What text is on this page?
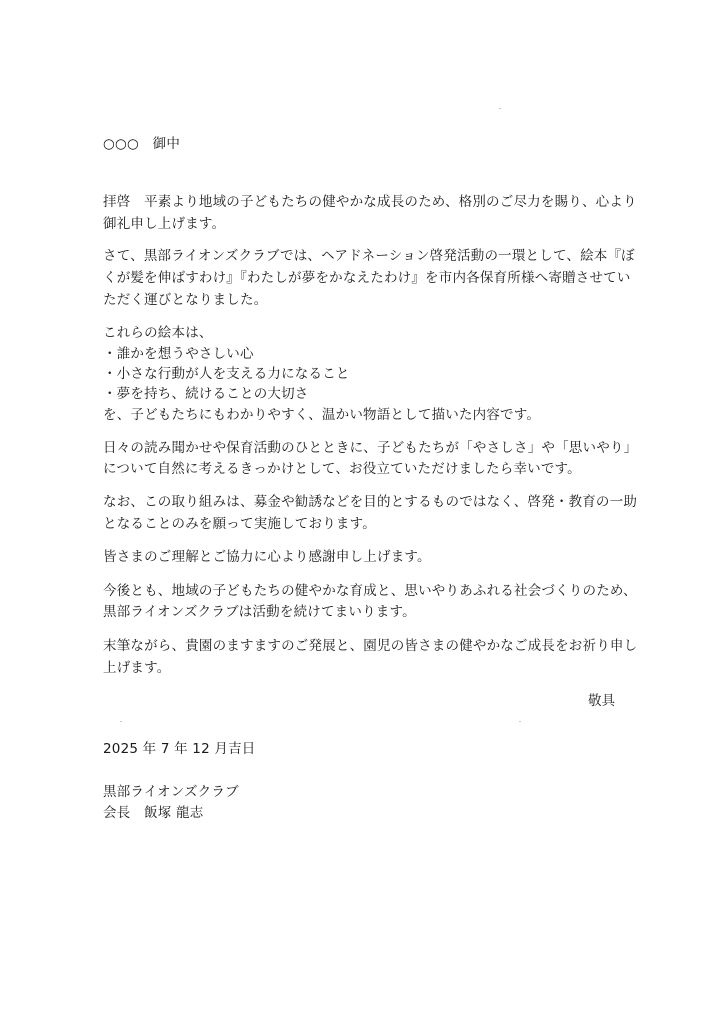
○○○　御中
拝啓　平素より地域の子どもたちの健やかな成長のため、格別のご尽力を賜り、心より
御礼申し上げます。
さて、黒部ライオンズクラブでは、ヘアドネーション啓発活動の一環として、絵本『ぼ
くが髪を伸ばすわけ』『わたしが夢をかなえたわけ』を市内各保育所様へ寄贈させてい
ただく運びとなりました。
これらの絵本は、
・誰かを想うやさしい心
・小さな行動が人を支える力になること
・夢を持ち、続けることの大切さ
を、子どもたちにもわかりやすく、温かい物語として描いた内容です。
日々の読み聞かせや保育活動のひとときに、子どもたちが「やさしさ」や「思いやり」
について自然に考えるきっかけとして、お役立ていただけましたら幸いです。
なお、この取り組みは、募金や勧誘などを目的とするものではなく、啓発・教育の一助
となることのみを願って実施しております。
皆さまのご理解とご協力に心より感謝申し上げます。
今後とも、地域の子どもたちの健やかな育成と、思いやりあふれる社会づくりのため、
黒部ライオンズクラブは活動を続けてまいります。
末筆ながら、貴園のますますのご発展と、園児の皆さまの健やかなご成長をお祈り申し
上げます。
敬具
2025 年 7 年 12 月吉日
黒部ライオンズクラブ
会長　飯塚 龍志
